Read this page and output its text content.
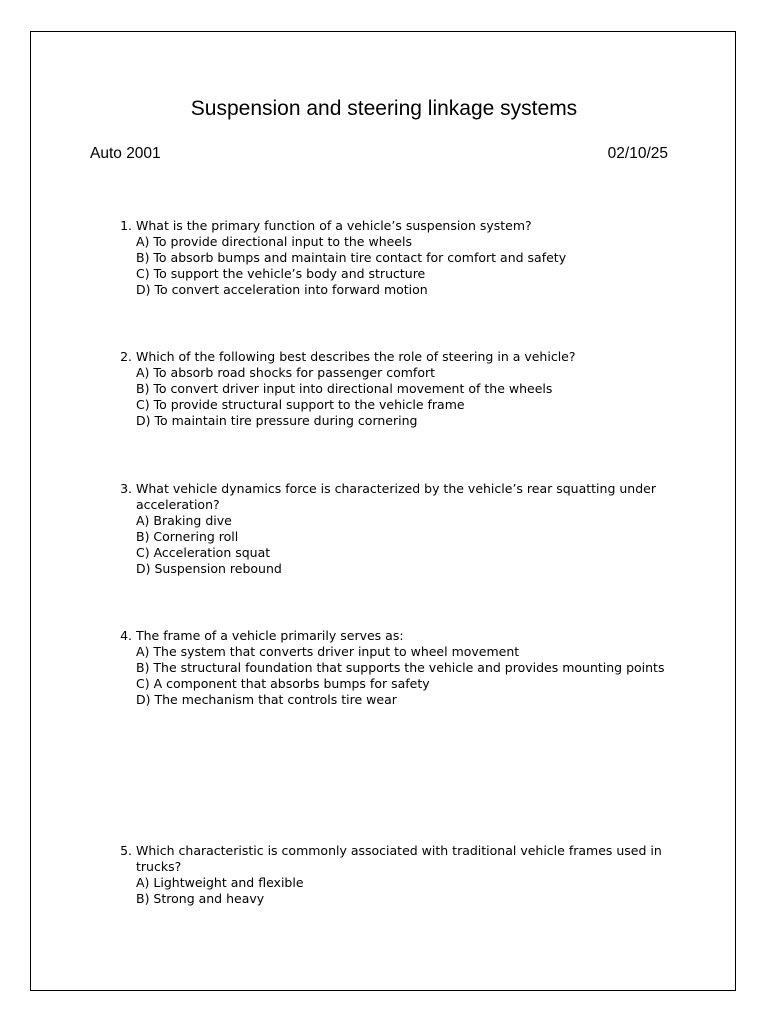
Suspension and steering linkage systems
Auto 2001	02/10/25
1. What is the primary function of a vehicle’s suspension system?
A) To provide directional input to the wheels
B) To absorb bumps and maintain tire contact for comfort and safety
C) To support the vehicle’s body and structure
D) To convert acceleration into forward motion
2. Which of the following best describes the role of steering in a vehicle?
A) To absorb road shocks for passenger comfort
B) To convert driver input into directional movement of the wheels
C) To provide structural support to the vehicle frame
D) To maintain tire pressure during cornering
3. What vehicle dynamics force is characterized by the vehicle’s rear squatting under acceleration?
A) Braking dive
B) Cornering roll
C) Acceleration squat
D) Suspension rebound
4. The frame of a vehicle primarily serves as:
A) The system that converts driver input to wheel movement
B) The structural foundation that supports the vehicle and provides mounting points
C) A component that absorbs bumps for safety
D) The mechanism that controls tire wear
5. Which characteristic is commonly associated with traditional vehicle frames used in trucks?
A) Lightweight and flexible
B) Strong and heavy
